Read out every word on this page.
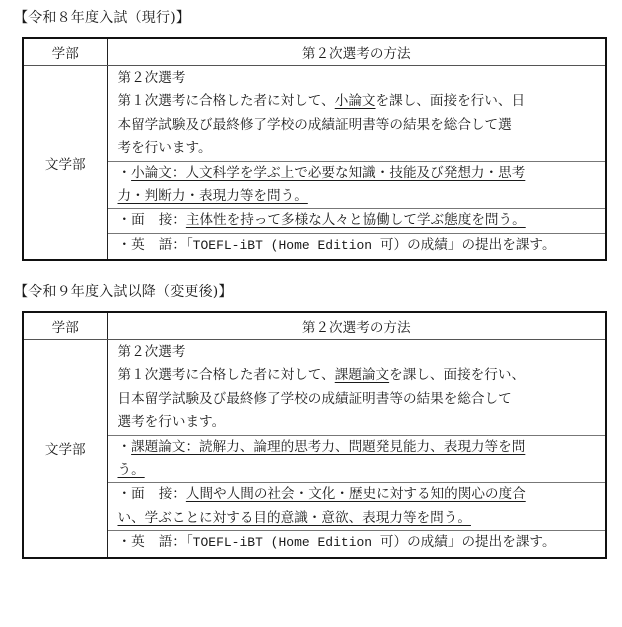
【令和８年度入試（現行)】
学部	第２次選考の方法
文学部	
第２次選考
第１次選考に合格した者に対して、小論文を課し、面接を行い、日
本留学試験及び最終修了学校の成績証明書等の結果を総合して選
考を行います。
・小論文：人文科学を学ぶ上で必要な知識・技能及び発想力・思考
力・判断力・表現力等を問う。
・面 接：主体性を持って多様な人々と協働して学ぶ態度を問う。
・英 語：「TOEFL-iBT (Home Edition 可）の成績」の提出を課す。
【令和９年度入試以降（変更後)】
学部	第２次選考の方法
文学部	
第２次選考
第１次選考に合格した者に対して、課題論文を課し、面接を行い、
日本留学試験及び最終修了学校の成績証明書等の結果を総合して
選考を行います。
・課題論文：読解力、論理的思考力、問題発見能力、表現力等を問
う。
・面 接：人間や人間の社会・文化・歴史に対する知的関心の度合
い、学ぶことに対する目的意識・意欲、表現力等を問う。
・英 語：「TOEFL-iBT (Home Edition 可）の成績」の提出を課す。
